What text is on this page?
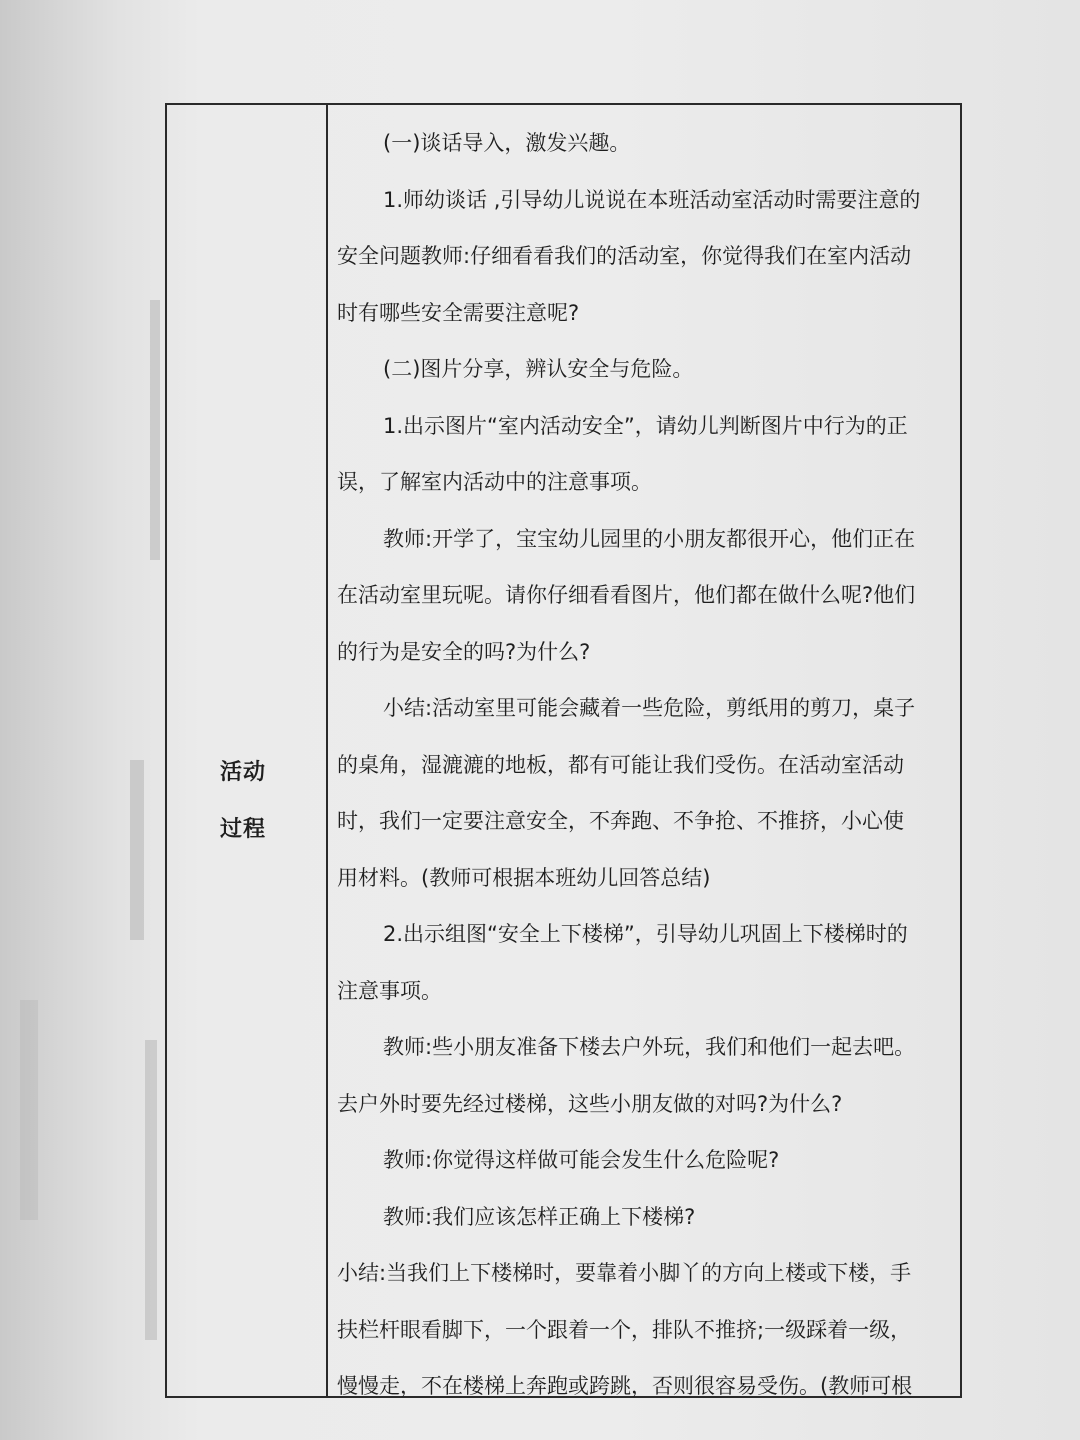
活动
过程
(一)谈话导入，激发兴趣。
1.师幼谈话 ,引导幼儿说说在本班活动室活动时需要注意的
安全问题教师:仔细看看我们的活动室，你觉得我们在室内活动
时有哪些安全需要注意呢?
(二)图片分享，辨认安全与危险。
1.出示图片“室内活动安全”，请幼儿判断图片中行为的正
误，了解室内活动中的注意事项。
教师:开学了，宝宝幼儿园里的小朋友都很开心，他们正在
在活动室里玩呢。请你仔细看看图片，他们都在做什么呢?他们
的行为是安全的吗?为什么?
小结:活动室里可能会藏着一些危险，剪纸用的剪刀，桌子
的桌角，湿漉漉的地板，都有可能让我们受伤。在活动室活动
时，我们一定要注意安全，不奔跑、不争抢、不推挤，小心使
用材料。(教师可根据本班幼儿回答总结)
2.出示组图“安全上下楼梯”，引导幼儿巩固上下楼梯时的
注意事项。
教师:些小朋友准备下楼去户外玩，我们和他们一起去吧。
去户外时要先经过楼梯，这些小朋友做的对吗?为什么?
教师:你觉得这样做可能会发生什么危险呢?
教师:我们应该怎样正确上下楼梯?
小结:当我们上下楼梯时，要靠着小脚丫的方向上楼或下楼，手
扶栏杆眼看脚下，一个跟着一个，排队不推挤;一级踩着一级，
慢慢走，不在楼梯上奔跑或跨跳，否则很容易受伤。(教师可根
